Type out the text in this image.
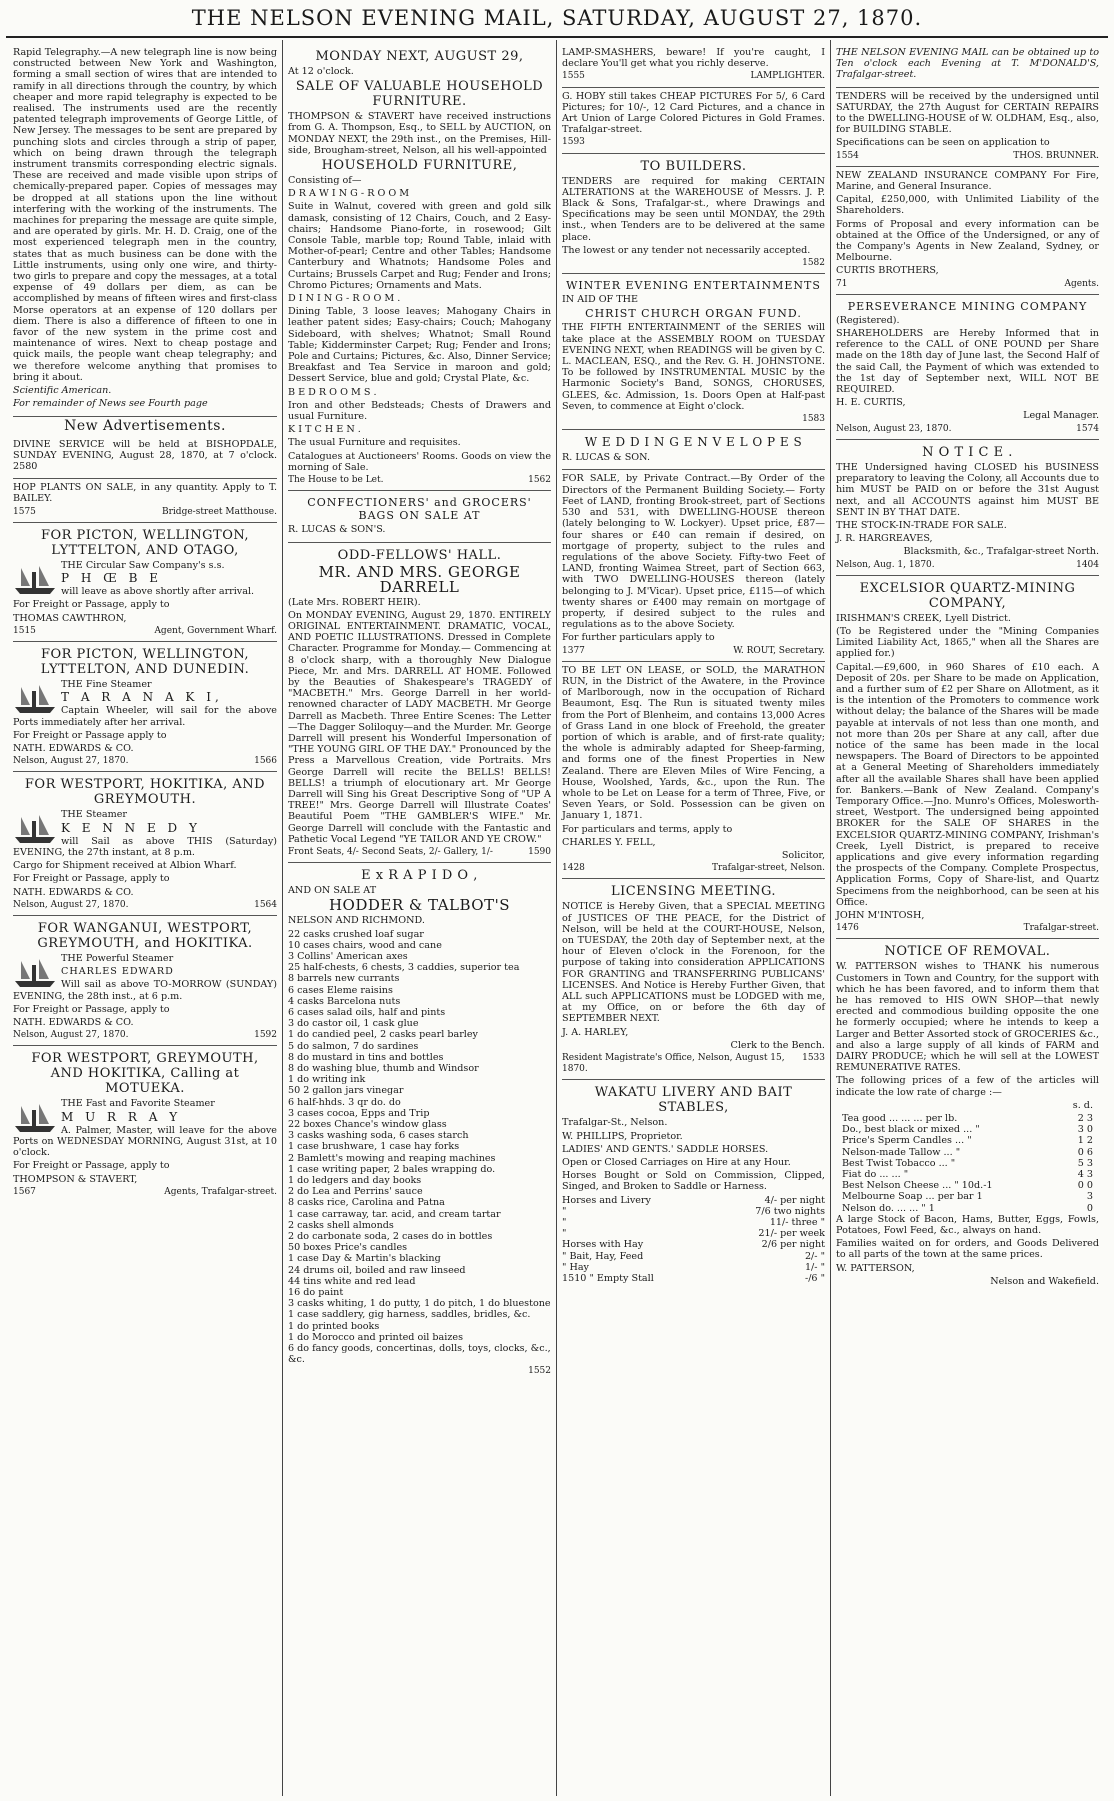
THE NELSON EVENING MAIL, SATURDAY, AUGUST 27, 1870.

Rapid Telegraphy.—A new telegraph line is now being constructed between New York and Washington, forming a small section of wires that are intended to ramify in all directions through the country, by which cheaper and more rapid telegraphy is expected to be realised. The instruments used are the recently patented telegraph improvements of George Little, of New Jersey. The messages to be sent are prepared by punching slots and circles through a strip of paper, which on being drawn through the telegraph instrument transmits corresponding electric signals. These are received and made visible upon strips of chemically-prepared paper. Copies of messages may be dropped at all stations upon the line without interfering with the working of the instruments. The machines for preparing the message are quite simple, and are operated by girls. Mr. H. D. Craig, one of the most experienced telegraph men in the country, states that as much business can be done with the Little instruments, using only one wire, and thirty-two girls to prepare and copy the messages, at a total expense of 49 dollars per diem, as can be accomplished by means of fifteen wires and first-class Morse operators at an expense of 120 dollars per diem. There is also a difference of fifteen to one in favor of the new system in the prime cost and maintenance of wires. Next to cheap postage and quick mails, the people want cheap telegraphy; and we therefore welcome anything that promises to bring it about.

Scientific American.

For remainder of News see Fourth page

New Advertisements.

DIVINE SERVICE will be held at BISHOPDALE, SUNDAY EVENING, August 28, 1870, at 7 o'clock. 2580

HOP PLANTS ON SALE, in any quantity. Apply to T. BAILEY.

1575	Bridge-street Matthouse.
FOR PICTON, WELLINGTON, LYTTELTON, AND OTAGO,

THE Circular Saw Company's s.s.

P H Œ B E

will leave as above shortly after arrival.

For Freight or Passage, apply to

THOMAS CAWTHRON,

1515	Agent, Government Wharf.
FOR PICTON, WELLINGTON, LYTTELTON, AND DUNEDIN.

THE Fine Steamer

T A R A N A K I,

Captain Wheeler, will sail for the above Ports immediately after her arrival.

For Freight or Passage apply to

NATH. EDWARDS & CO.

Nelson, August 27, 1870.	1566
FOR WESTPORT, HOKITIKA, AND GREYMOUTH.

THE Steamer

K E N N E D Y

will Sail as above THIS (Saturday) EVENING, the 27th instant, at 8 p.m.

Cargo for Shipment received at Albion Wharf.

For Freight or Passage, apply to

NATH. EDWARDS & CO.

Nelson, August 27, 1870.	1564
FOR WANGANUI, WESTPORT, GREYMOUTH, and HOKITIKA.

THE Powerful Steamer

CHARLES EDWARD

Will sail as above TO-MORROW (SUNDAY) EVENING, the 28th inst., at 6 p.m.

For Freight or Passage, apply to

NATH. EDWARDS & CO.

Nelson, August 27, 1870.	1592
FOR WESTPORT, GREYMOUTH, AND HOKITIKA, Calling at MOTUEKA.

THE Fast and Favorite Steamer

M U R R A Y

A. Palmer, Master, will leave for the above Ports on WEDNESDAY MORNING, August 31st, at 10 o'clock.

For Freight or Passage, apply to

THOMPSON & STAVERT,

1567	Agents, Trafalgar-street.
MONDAY NEXT, AUGUST 29,

At 12 o'clock.

SALE OF VALUABLE HOUSEHOLD FURNITURE.

THOMPSON & STAVERT have received instructions from G. A. Thompson, Esq., to SELL by AUCTION, on MONDAY NEXT, the 29th inst., on the Premises, Hill-side, Brougham-street, Nelson, all his well-appointed

HOUSEHOLD FURNITURE,

Consisting of—

D R A W I N G - R O O M

Suite in Walnut, covered with green and gold silk damask, consisting of 12 Chairs, Couch, and 2 Easy-chairs; Handsome Piano-forte, in rosewood; Gilt Console Table, marble top; Round Table, inlaid with Mother-of-pearl; Centre and other Tables; Handsome Canterbury and Whatnots; Handsome Poles and Curtains; Brussels Carpet and Rug; Fender and Irons; Chromo Pictures; Ornaments and Mats.

D I N I N G - R O O M .

Dining Table, 3 loose leaves; Mahogany Chairs in leather patent sides; Easy-chairs; Couch; Mahogany Sideboard, with shelves; Whatnot; Small Round Table; Kidderminster Carpet; Rug; Fender and Irons; Pole and Curtains; Pictures, &c. Also, Dinner Service; Breakfast and Tea Service in maroon and gold; Dessert Service, blue and gold; Crystal Plate, &c.

B E D R O O M S .

Iron and other Bedsteads; Chests of Drawers and usual Furniture.

K I T C H E N .

The usual Furniture and requisites.

Catalogues at Auctioneers' Rooms. Goods on view the morning of Sale.

The House to be Let.	1562
CONFECTIONERS' and GROCERS' BAGS ON SALE AT

R. LUCAS & SON'S.

ODD-FELLOWS' HALL.
MR. AND MRS. GEORGE DARRELL

(Late Mrs. ROBERT HEIR).

On MONDAY EVENING, August 29, 1870. ENTIRELY ORIGINAL ENTERTAINMENT. DRAMATIC, VOCAL, AND POETIC ILLUSTRATIONS. Dressed in Complete Character. Programme for Monday.— Commencing at 8 o'clock sharp, with a thoroughly New Dialogue Piece, Mr. and Mrs. DARRELL AT HOME. Followed by the Beauties of Shakespeare's TRAGEDY of "MACBETH." Mrs. George Darrell in her world-renowned character of LADY MACBETH. Mr George Darrell as Macbeth. Three Entire Scenes: The Letter—The Dagger Soliloquy—and the Murder. Mr. George Darrell will present his Wonderful Impersonation of "THE YOUNG GIRL OF THE DAY." Pronounced by the Press a Marvellous Creation, vide Portraits. Mrs George Darrell will recite the BELLS! BELLS! BELLS! a triumph of elocutionary art. Mr George Darrell will Sing his Great Descriptive Song of "UP A TREE!" Mrs. George Darrell will Illustrate Coates' Beautiful Poem "THE GAMBLER'S WIFE." Mr. George Darrell will conclude with the Fantastic and Pathetic Vocal Legend "YE TAILOR AND YE CROW."

Front Seats, 4/- Second Seats, 2/- Gallery, 1/-	1590
E x R A P I D O ,

AND ON SALE AT

HODDER & TALBOT'S

NELSON AND RICHMOND.

22 casks crushed loaf sugar

10 cases chairs, wood and cane

3 Collins' American axes

25 half-chests, 6 chests, 3 caddies, superior tea

8 barrels new currants

6 cases Eleme raisins

4 casks Barcelona nuts

6 cases salad oils, half and pints

3 do castor oil, 1 cask glue

1 do candied peel, 2 casks pearl barley

5 do salmon, 7 do sardines

8 do mustard in tins and bottles

8 do washing blue, thumb and Windsor

1 do writing ink

50 2 gallon jars vinegar

6 half-hhds. 3 qr do. do

3 cases cocoa, Epps and Trip

22 boxes Chance's window glass

3 casks washing soda, 6 cases starch

1 case brushware, 1 case hay forks

2 Bamlett's mowing and reaping machines

1 case writing paper, 2 bales wrapping do.

1 do ledgers and day books

2 do Lea and Perrins' sauce

8 casks rice, Carolina and Patna

1 case carraway, tar. acid, and cream tartar

2 casks shell almonds

2 do carbonate soda, 2 cases do in bottles

50 boxes Price's candles

1 case Day & Martin's blacking

24 drums oil, boiled and raw linseed

44 tins white and red lead

16 do paint

3 casks whiting, 1 do putty, 1 do pitch, 1 do bluestone

1 case saddlery, gig harness, saddles, bridles, &c.

1 do printed books

1 do Morocco and printed oil baizes

6 do fancy goods, concertinas, dolls, toys, clocks, &c., &c.

1552

LAMP-SMASHERS, beware! If you're caught, I declare You'll get what you richly deserve.

1555	LAMPLIGHTER.

G. HOBY still takes CHEAP PICTURES For 5/, 6 Card Pictures; for 10/-, 12 Card Pictures, and a chance in Art Union of Large Colored Pictures in Gold Frames. Trafalgar-street.

1593
TO BUILDERS.

TENDERS are required for making CERTAIN ALTERATIONS at the WAREHOUSE of Messrs. J. P. Black & Sons, Trafalgar-st., where Drawings and Specifications may be seen until MONDAY, the 29th inst., when Tenders are to be delivered at the same place.

The lowest or any tender not necessarily accepted.

1582
WINTER EVENING ENTERTAINMENTS

IN AID OF THE

CHRIST CHURCH ORGAN FUND.

THE FIFTH ENTERTAINMENT of the SERIES will take place at the ASSEMBLY ROOM on TUESDAY EVENING NEXT, when READINGS will be given by C. L. MACLEAN, ESQ., and the Rev. G. H. JOHNSTONE. To be followed by INSTRUMENTAL MUSIC by the Harmonic Society's Band, SONGS, CHORUSES, GLEES, &c. Admission, 1s. Doors Open at Half-past Seven, to commence at Eight o'clock.

1583
W E D D I N G E N V E L O P E S

R. LUCAS & SON.

FOR SALE, by Private Contract.—By Order of the Directors of the Permanent Building Society.— Forty Feet of LAND, fronting Brook-street, part of Sections 530 and 531, with DWELLING-HOUSE thereon (lately belonging to W. Lockyer). Upset price, £87—four shares or £40 can remain if desired, on mortgage of property, subject to the rules and regulations of the above Society. Fifty-two Feet of LAND, fronting Waimea Street, part of Section 663, with TWO DWELLING-HOUSES thereon (lately belonging to J. M'Vicar). Upset price, £115—of which twenty shares or £400 may remain on mortgage of property, if desired subject to the rules and regulations as to the above Society.

For further particulars apply to

1377	W. ROUT, Secretary.

TO BE LET ON LEASE, or SOLD, the MARATHON RUN, in the District of the Awatere, in the Province of Marlborough, now in the occupation of Richard Beaumont, Esq. The Run is situated twenty miles from the Port of Blenheim, and contains 13,000 Acres of Grass Land in one block of Freehold, the greater portion of which is arable, and of first-rate quality; the whole is admirably adapted for Sheep-farming, and forms one of the finest Properties in New Zealand. There are Eleven Miles of Wire Fencing, a House, Woolshed, Yards, &c., upon the Run. The whole to be Let on Lease for a term of Three, Five, or Seven Years, or Sold. Possession can be given on January 1, 1871.

For particulars and terms, apply to

CHARLES Y. FELL,

Solicitor,

1428	Trafalgar-street, Nelson.
LICENSING MEETING.

NOTICE is Hereby Given, that a SPECIAL MEETING of JUSTICES OF THE PEACE, for the District of Nelson, will be held at the COURT-HOUSE, Nelson, on TUESDAY, the 20th day of September next, at the hour of Eleven o'clock in the Forenoon, for the purpose of taking into consideration APPLICATIONS FOR GRANTING and TRANSFERRING PUBLICANS' LICENSES. And Notice is Hereby Further Given, that ALL such APPLICATIONS must be LODGED with me, at my Office, on or before the 6th day of SEPTEMBER NEXT.

J. A. HARLEY,

Clerk to the Bench.

Resident Magistrate's Office, Nelson, August 15, 1870.
1533
WAKATU LIVERY AND BAIT STABLES,

Trafalgar-St., Nelson.

W. PHILLIPS, Proprietor.

LADIES' AND GENTS.' SADDLE HORSES.

Open or Closed Carriages on Hire at any Hour.

Horses Bought or Sold on Commission, Clipped, Singed, and Broken to Saddle or Harness.

Horses and Livery	4/- per night
"	7/6 two nights
"	11/- three "
"	21/- per week
Horses with Hay	2/6 per night
" Bait, Hay, Feed	2/- "
" Hay	1/- "
1510 " Empty Stall	-/6 "

THE NELSON EVENING MAIL can be obtained up to Ten o'clock each Evening at T. M'DONALD'S, Trafalgar-street.

TENDERS will be received by the undersigned until SATURDAY, the 27th August for CERTAIN REPAIRS to the DWELLING-HOUSE of W. OLDHAM, Esq., also, for BUILDING STABLE.

Specifications can be seen on application to

1554	THOS. BRUNNER.

NEW ZEALAND INSURANCE COMPANY For Fire, Marine, and General Insurance.

Capital, £250,000, with Unlimited Liability of the Shareholders.

Forms of Proposal and every information can be obtained at the Office of the Undersigned, or any of the Company's Agents in New Zealand, Sydney, or Melbourne.

CURTIS BROTHERS,

71	Agents.
PERSEVERANCE MINING COMPANY

(Registered).

SHAREHOLDERS are Hereby Informed that in reference to the CALL of ONE POUND per Share made on the 18th day of June last, the Second Half of the said Call, the Payment of which was extended to the 1st day of September next, WILL NOT BE REQUIRED.

H. E. CURTIS,

Legal Manager.

Nelson, August 23, 1870.	1574
N O T I C E .

THE Undersigned having CLOSED his BUSINESS preparatory to leaving the Colony, all Accounts due to him MUST be PAID on or before the 31st August next, and all ACCOUNTS against him MUST BE SENT IN BY THAT DATE.

THE STOCK-IN-TRADE FOR SALE.

J. R. HARGREAVES,

Blacksmith, &c., Trafalgar-street North.

Nelson, Aug. 1, 1870.	1404
EXCELSIOR QUARTZ-MINING COMPANY,

IRISHMAN'S CREEK, Lyell District.

(To be Registered under the "Mining Companies Limited Liability Act, 1865," when all the Shares are applied for.)

Capital.—£9,600, in 960 Shares of £10 each. A Deposit of 20s. per Share to be made on Application, and a further sum of £2 per Share on Allotment, as it is the intention of the Promoters to commence work without delay; the balance of the Shares will be made payable at intervals of not less than one month, and not more than 20s per Share at any call, after due notice of the same has been made in the local newspapers. The Board of Directors to be appointed at a General Meeting of Shareholders immediately after all the available Shares shall have been applied for. Bankers.—Bank of New Zealand. Company's Temporary Office.—Jno. Munro's Offices, Molesworth-street, Westport. The undersigned being appointed BROKER for the SALE OF SHARES in the EXCELSIOR QUARTZ-MINING COMPANY, Irishman's Creek, Lyell District, is prepared to receive applications and give every information regarding the prospects of the Company. Complete Prospectus, Application Forms, Copy of Share-list, and Quartz Specimens from the neighborhood, can be seen at his Office.

JOHN M'INTOSH,

1476	Trafalgar-street.
NOTICE OF REMOVAL.

W. PATTERSON wishes to THANK his numerous Customers in Town and Country, for the support with which he has been favored, and to inform them that he has removed to HIS OWN SHOP—that newly erected and commodious building opposite the one he formerly occupied; where he intends to keep a Larger and Better Assorted stock of GROCERIES &c., and also a large supply of all kinds of FARM and DAIRY PRODUCE; which he will sell at the LOWEST REMUNERATIVE RATES.

The following prices of a few of the articles will indicate the low rate of charge :—

s. d.

Tea good ... ... ... per lb.	2 3
Do., best black or mixed ... "	3 0
Price's Sperm Candles ... "	1 2
Nelson-made Tallow ... "	0 6
Best Twist Tobacco ... "	5 3
Fiat do ... ... "	4 3
Best Nelson Cheese ... " 10d.-1	0 0
Melbourne Soap ... per bar 1	3
Nelson do. ... ... " 1	0

A large Stock of Bacon, Hams, Butter, Eggs, Fowls, Potatoes, Fowl Feed, &c., always on hand.

Families waited on for orders, and Goods Delivered to all parts of the town at the same prices.

W. PATTERSON,

Nelson and Wakefield.
